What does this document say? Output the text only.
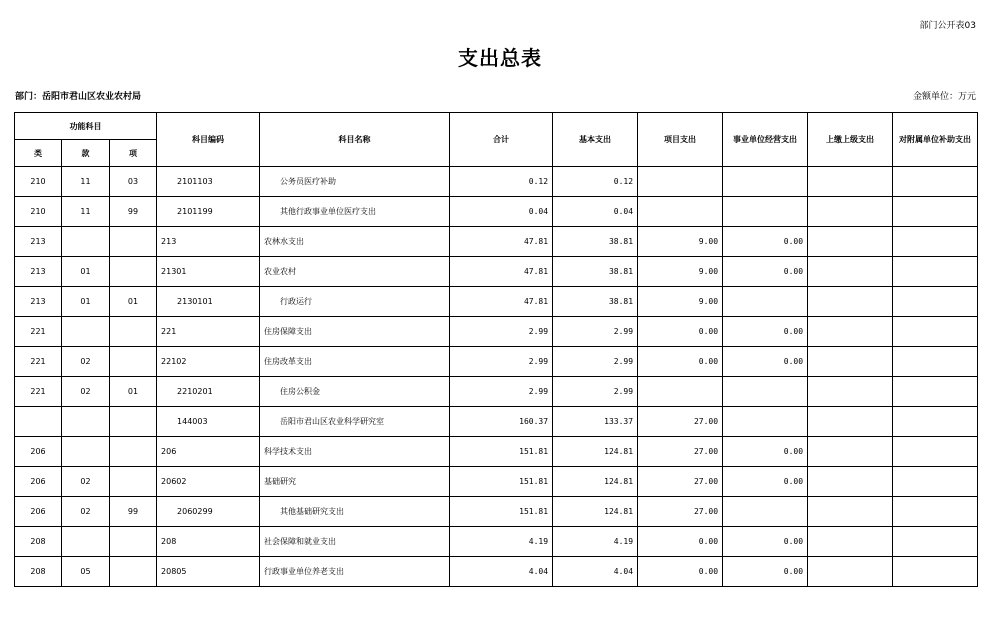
部门公开表03
支出总表
部门：岳阳市君山区农业农村局	金额单位：万元
功能科目			科目编码	科目名称	合计	基本支出	项目支出	事业单位经营支出	上缴上级支出	对附属单位补助支出
类	款	项								
210	11	03	2101103	公务员医疗补助	0.12	0.12				
210	11	99	2101199	其他行政事业单位医疗支出	0.04	0.04				
213			213	农林水支出	47.81	38.81	9.00	0.00		
213	01		21301	农业农村	47.81	38.81	9.00	0.00		
213	01	01	2130101	行政运行	47.81	38.81	9.00			
221			221	住房保障支出	2.99	2.99	0.00	0.00		
221	02		22102	住房改革支出	2.99	2.99	0.00	0.00		
221	02	01	2210201	住房公积金	2.99	2.99				
			144003	岳阳市君山区农业科学研究室	160.37	133.37	27.00			
206			206	科学技术支出	151.81	124.81	27.00	0.00		
206	02		20602	基础研究	151.81	124.81	27.00	0.00		
206	02	99	2060299	其他基础研究支出	151.81	124.81	27.00			
208			208	社会保障和就业支出	4.19	4.19	0.00	0.00		
208	05		20805	行政事业单位养老支出	4.04	4.04	0.00	0.00		
